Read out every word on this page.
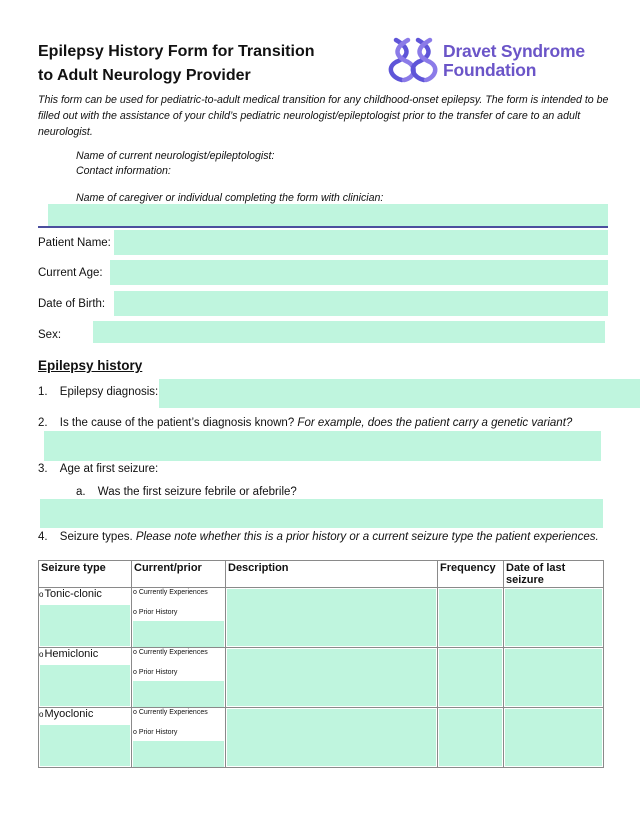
Epilepsy History Form for Transition
to Adult Neurology Provider
Dravet Syndrome
Foundation

This form can be used for pediatric-to-adult medical transition for any childhood-onset epilepsy. The form is intended to be filled out with the assistance of your child’s pediatric neurologist/epileptologist prior to the transfer of care to an adult neurologist.

Name of current neurologist/epileptologist:
Contact information:
Name of caregiver or individual completing the form with clinician:
Patient Name:
Current Age:
Date of Birth:
Sex:
Epilepsy history
1. Epilepsy diagnosis:
2. Is the cause of the patient’s diagnosis known? For example, does the patient carry a genetic variant?
3. Age at first seizure:
a. Was the first seizure febrile or afebrile?
4. Seizure types. Please note whether this is a prior history or a current seizure type the patient experiences.
Seizure type	Current/prior	Description	Frequency	Date of last seizure

oTonic-clonic	o Currently Experiences
o Prior History			

oHemiclonic	o Currently Experiences
o Prior History			

oMyoclonic	o Currently Experiences
o Prior History			
